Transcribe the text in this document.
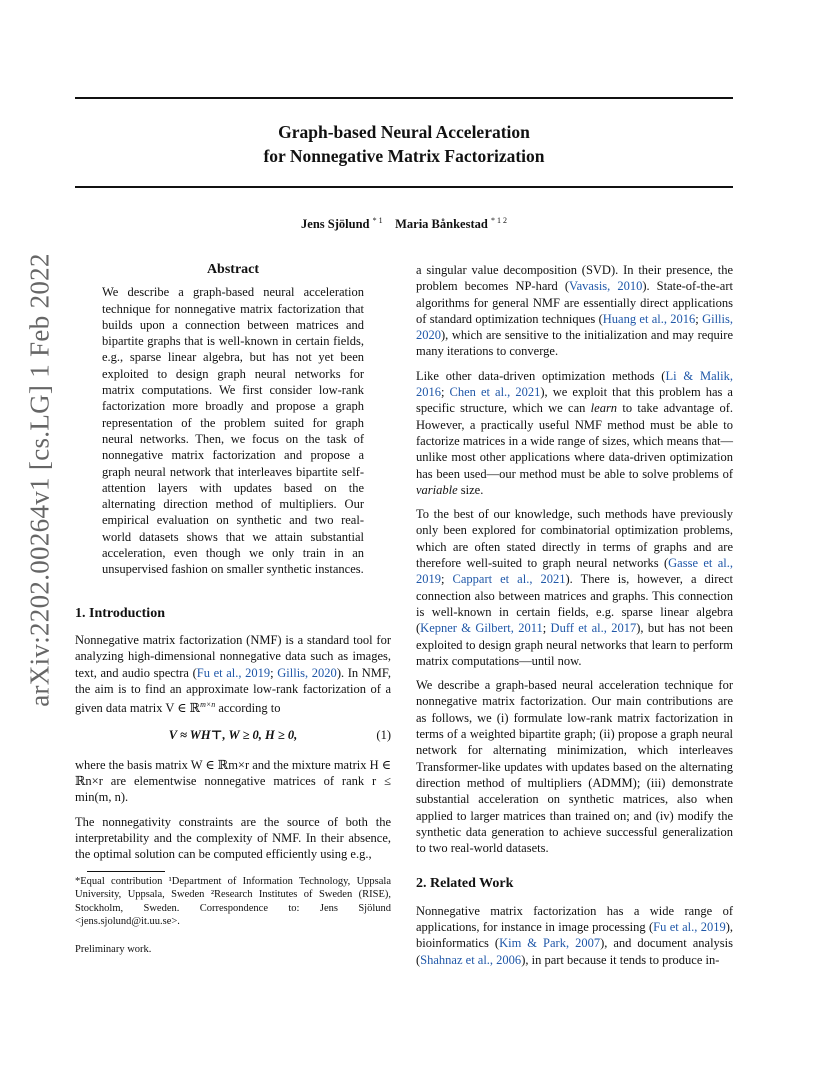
Graph-based Neural Acceleration
for Nonnegative Matrix Factorization
Jens Sjölund $^{* 1}$ Maria Bånkestad $^{* 1 2}$
arXiv:2202.00264v1 [cs.LG] 1 Feb 2022	Abstract

We describe a graph-based neural acceleration technique for nonnegative matrix factorization that builds upon a connection between matrices and bipartite graphs that is well-known in certain fields, e.g., sparse linear algebra, but has not yet been exploited to design graph neural networks for matrix computations. We first consider low-rank factorization more broadly and propose a graph representation of the problem suited for graph neural networks. Then, we focus on the task of nonnegative matrix factorization and propose a graph neural network that interleaves bipartite self-attention layers with updates based on the alternating direction method of multipliers. Our empirical evaluation on synthetic and two real-world datasets shows that we attain substantial acceleration, even though we only train in an unsupervised fashion on smaller synthetic instances.

1. Introduction

Nonnegative matrix factorization (NMF) is a standard tool for analyzing high-dimensional nonnegative data such as images, text, and audio spectra (Fu et al., 2019; Gillis, 2020). In NMF, the aim is to find an approximate low-rank factorization of a given data matrix V ∈ ℝ$^{m\times n}$ according to

V ≈ WH⊤, W ≥ 0, H ≥ 0,	(1)

where the basis matrix W ∈ ℝm×r and the mixture matrix H ∈ ℝn×r are elementwise nonnegative matrices of rank r ≤ min(m, n).

The nonnegativity constraints are the source of both the interpretability and the complexity of NMF. In their absence, the optimal solution can be computed efficiently using e.g.,

*Equal contribution ¹Department of Information Technology, Uppsala University, Uppsala, Sweden ²Research Institutes of Sweden (RISE), Stockholm, Sweden. Correspondence to: Jens Sjölund <jens.sjolund@it.uu.se>.
Preliminary work.

a singular value decomposition (SVD). In their presence, the problem becomes NP-hard (Vavasis, 2010). State-of-the-art algorithms for general NMF are essentially direct applications of standard optimization techniques (Huang et al., 2016; Gillis, 2020), which are sensitive to the initialization and may require many iterations to converge.

Like other data-driven optimization methods (Li & Malik, 2016; Chen et al., 2021), we exploit that this problem has a specific structure, which we can learn to take advantage of. However, a practically useful NMF method must be able to factorize matrices in a wide range of sizes, which means that—unlike most other applications where data-driven optimization has been used—our method must be able to solve problems of variable size.

To the best of our knowledge, such methods have previously only been explored for combinatorial optimization problems, which are often stated directly in terms of graphs and are therefore well-suited to graph neural networks (Gasse et al., 2019; Cappart et al., 2021). There is, however, a direct connection also between matrices and graphs. This connection is well-known in certain fields, e.g. sparse linear algebra (Kepner & Gilbert, 2011; Duff et al., 2017), but has not been exploited to design graph neural networks that learn to perform matrix computations—until now.

We describe a graph-based neural acceleration technique for nonnegative matrix factorization. Our main contributions are as follows, we (i) formulate low-rank matrix factorization in terms of a weighted bipartite graph; (ii) propose a graph neural network for alternating minimization, which interleaves Transformer-like updates with updates based on the alternating direction method of multipliers (ADMM); (iii) demonstrate substantial acceleration on synthetic matrices, also when applied to larger matrices than trained on; and (iv) modify the synthetic data generation to achieve successful generalization to two real-world datasets.

2. Related Work

Nonnegative matrix factorization has a wide range of applications, for instance in image processing (Fu et al., 2019), bioinformatics (Kim & Park, 2007), and document analysis (Shahnaz et al., 2006), in part because it tends to produce in-
